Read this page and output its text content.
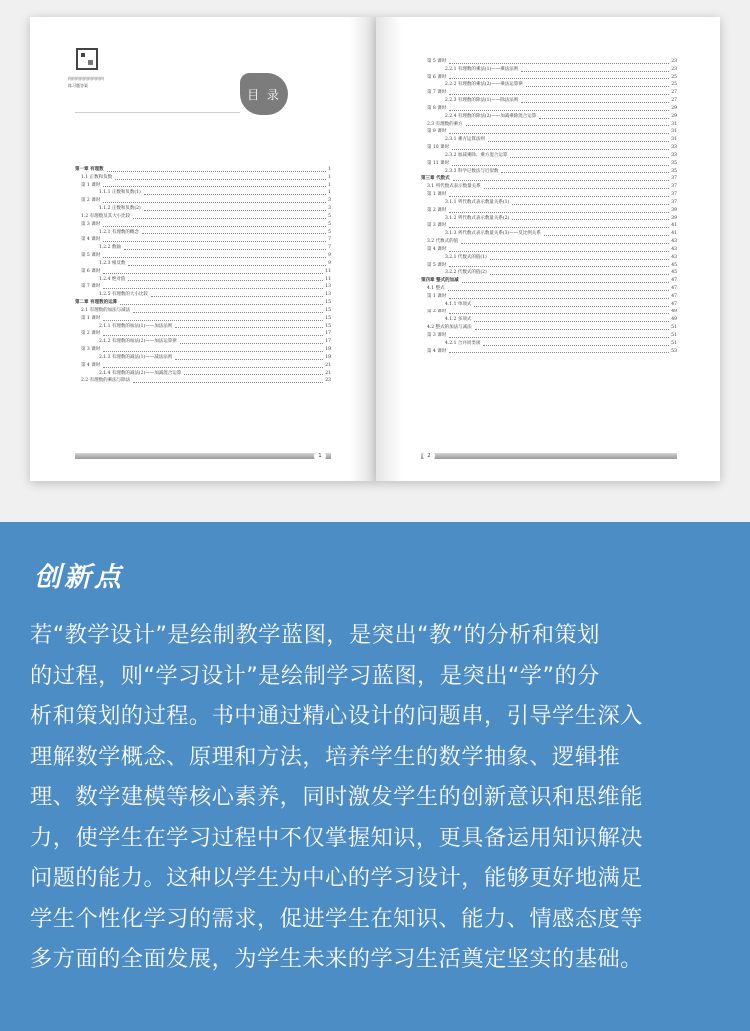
何何何何何何何何何
练习题答案
目 录
第一章 有理数	1
1.1 正数和负数	1
第 1 课时	1
1.1.1 正数和负数(1)	1
第 2 课时	3
1.1.2 正数和负数(2)	3
1.2 有理数及其大小比较	5
第 3 课时	5
1.2.1 有理数的概念	5
第 4 课时	7
1.2.2 数轴	7
第 5 课时	9
1.2.3 相反数	9
第 6 课时	11
1.2.4 绝对值	11
第 7 课时	13
1.2.5 有理数的大小比较	13
第二章 有理数的运算	15
2.1 有理数的加法与减法	15
第 1 课时	15
2.1.1 有理数的加法(1)——加法法则	15
第 2 课时	17
2.1.2 有理数的加法(2)——加法运算律	17
第 3 课时	19
2.1.3 有理数的减法(1)——减法法则	19
第 4 课时	21
2.1.4 有理数的减法(2)——加减混合运算	21
2.2 有理数的乘法与除法	23
第 5 课时	23
2.2.1 有理数的乘法(1)——乘法法则	23
第 6 课时	25
2.2.2 有理数的乘法(2)——乘法运算律	25
第 7 课时	27
2.2.3 有理数的除法(1)——除法法则	27
第 8 课时	29
2.2.4 有理数的除法(2)——加减乘除混合运算	29
2.3 有理数的乘方	31
第 9 课时	31
2.3.1 乘方运算法则	31
第 10 课时	33
2.3.2 加减乘除、乘方混合运算	33
第 11 课时	35
2.3.3 科学记数法与近似数	35
第三章 代数式	37
3.1 列代数式表示数量关系	37
第 1 课时	37
3.1.1 列代数式表示数量关系(1)	37
第 2 课时	39
3.1.2 列代数式表示数量关系(2)	39
第 3 课时	41
3.1.3 列代数式表示数量关系(3)——反比例关系	41
3.2 代数式的值	43
第 4 课时	43
3.2.1 代数式的值(1)	43
第 5 课时	45
3.2.2 代数式的值(2)	45
第四章 整式的加减	47
4.1 整式	47
第 1 课时	47
4.1.1 单项式	47
第 2 课时	49
4.1.2 多项式	49
4.2 整式的加法与减法	51
第 3 课时	51
4.2.1 合并同类项	51
第 4 课时	53
1	2
创新点
若“教学设计”是绘制教学蓝图，是突出“教”的分析和策划
的过程，则“学习设计”是绘制学习蓝图，是突出“学”的分
析和策划的过程。书中通过精心设计的问题串，引导学生深入
理解数学概念、原理和方法，培养学生的数学抽象、逻辑推
理、数学建模等核心素养，同时激发学生的创新意识和思维能
力，使学生在学习过程中不仅掌握知识，更具备运用知识解决
问题的能力。这种以学生为中心的学习设计，能够更好地满足
学生个性化学习的需求，促进学生在知识、能力、情感态度等
多方面的全面发展，为学生未来的学习生活奠定坚实的基础。
